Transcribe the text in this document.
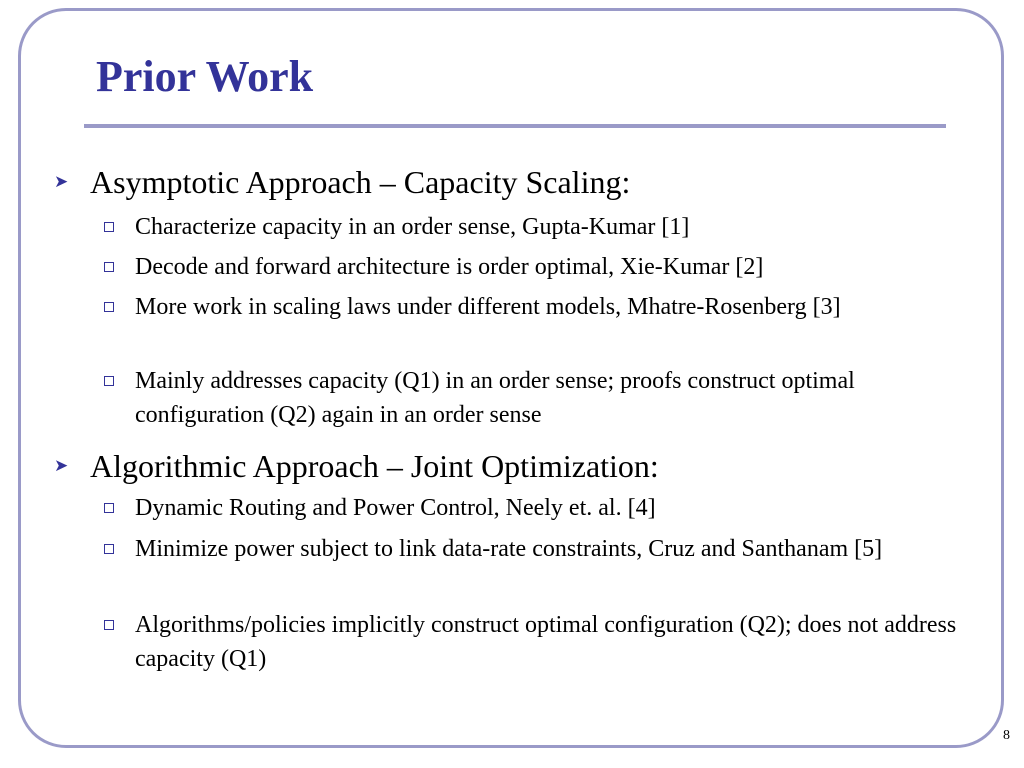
Prior Work
➤ Asymptotic Approach – Capacity Scaling:
Characterize capacity in an order sense, Gupta-Kumar [1]
Decode and forward architecture is order optimal, Xie-Kumar [2]
More work in scaling laws under different models, Mhatre-Rosenberg [3]
Mainly addresses capacity (Q1) in an order sense; proofs construct optimal configuration (Q2) again in an order sense
➤ Algorithmic Approach – Joint Optimization:
Dynamic Routing and Power Control, Neely et. al. [4]
Minimize power subject to link data-rate constraints, Cruz and Santhanam [5]
Algorithms/policies implicitly construct optimal configuration (Q2); does not address capacity (Q1)
8
